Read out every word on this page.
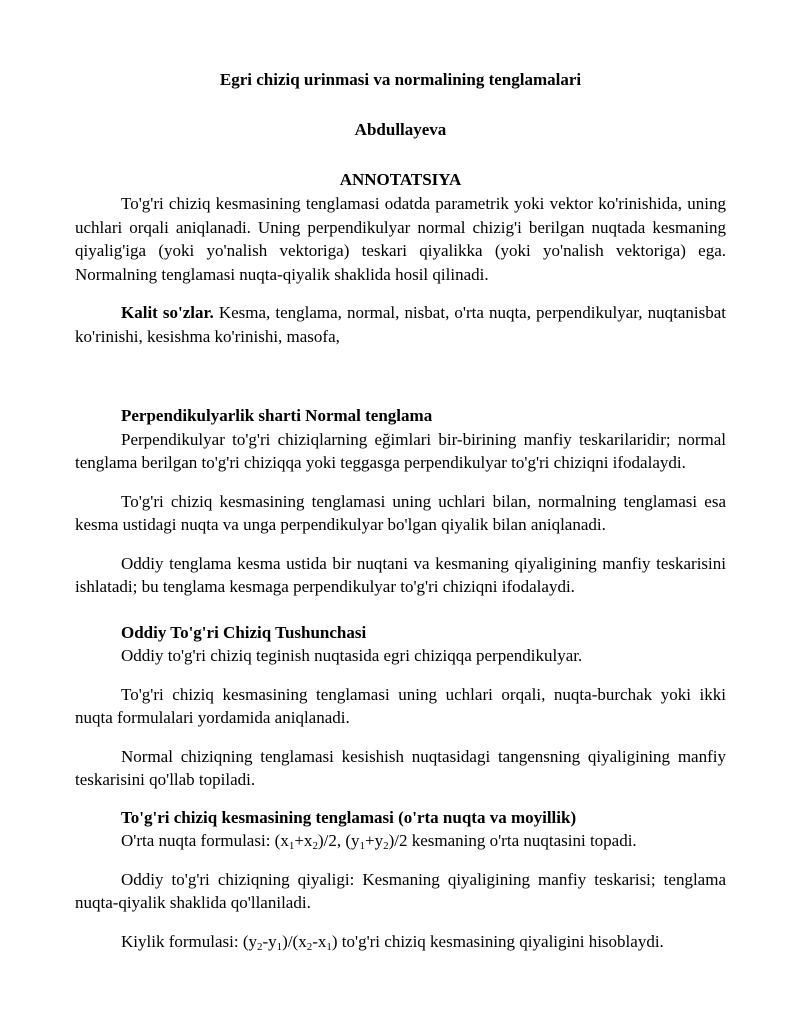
Egri chiziq urinmasi va normalining tenglamalari
Abdullayeva
ANNOTATSIYA

To'g'ri chiziq kesmasining tenglamasi odatda parametrik yoki vektor ko'rinishida, uning uchlari orqali aniqlanadi. Uning perpendikulyar normal chizig'i berilgan nuqtada kesmaning qiyalig'iga (yoki yo'nalish vektoriga) teskari qiyalikka (yoki yo'nalish vektoriga) ega. Normalning tenglamasi nuqta-qiyalik shaklida hosil qilinadi.

Kalit so'zlar. Kesma, tenglama, normal, nisbat, o'rta nuqta, perpendikulyar, nuqtanisbat ko'rinishi, kesishma ko'rinishi, masofa,

Perpendikulyarlik sharti Normal tenglama

Perpendikulyar to'g'ri chiziqlarning eğimlari bir-birining manfiy teskarilaridir; normal tenglama berilgan to'g'ri chiziqqa yoki teggasga perpendikulyar to'g'ri chiziqni ifodalaydi.

To'g'ri chiziq kesmasining tenglamasi uning uchlari bilan, normalning tenglamasi esa kesma ustidagi nuqta va unga perpendikulyar bo'lgan qiyalik bilan aniqlanadi.

Oddiy tenglama kesma ustida bir nuqtani va kesmaning qiyaligining manfiy teskarisini ishlatadi; bu tenglama kesmaga perpendikulyar to'g'ri chiziqni ifodalaydi.

Oddiy To'g'ri Chiziq Tushunchasi

Oddiy to'g'ri chiziq teginish nuqtasida egri chiziqqa perpendikulyar.

To'g'ri chiziq kesmasining tenglamasi uning uchlari orqali, nuqta-burchak yoki ikki nuqta formulalari yordamida aniqlanadi.

Normal chiziqning tenglamasi kesishish nuqtasidagi tangensning qiyaligining manfiy teskarisini qo'llab topiladi.

To'g'ri chiziq kesmasining tenglamasi (o'rta nuqta va moyillik)

O'rta nuqta formulasi: $(x_1+x_2)/2$, $(y_1+y_2)/2$ kesmaning o'rta nuqtasini topadi.

Oddiy to'g'ri chiziqning qiyaligi: Kesmaning qiyaligining manfiy teskarisi; tenglama nuqta-qiyalik shaklida qo'llaniladi.

Kiylik formulasi: $(y_2-y_1)/(x_2-x_1)$ to'g'ri chiziq kesmasining qiyaligini hisoblaydi.
